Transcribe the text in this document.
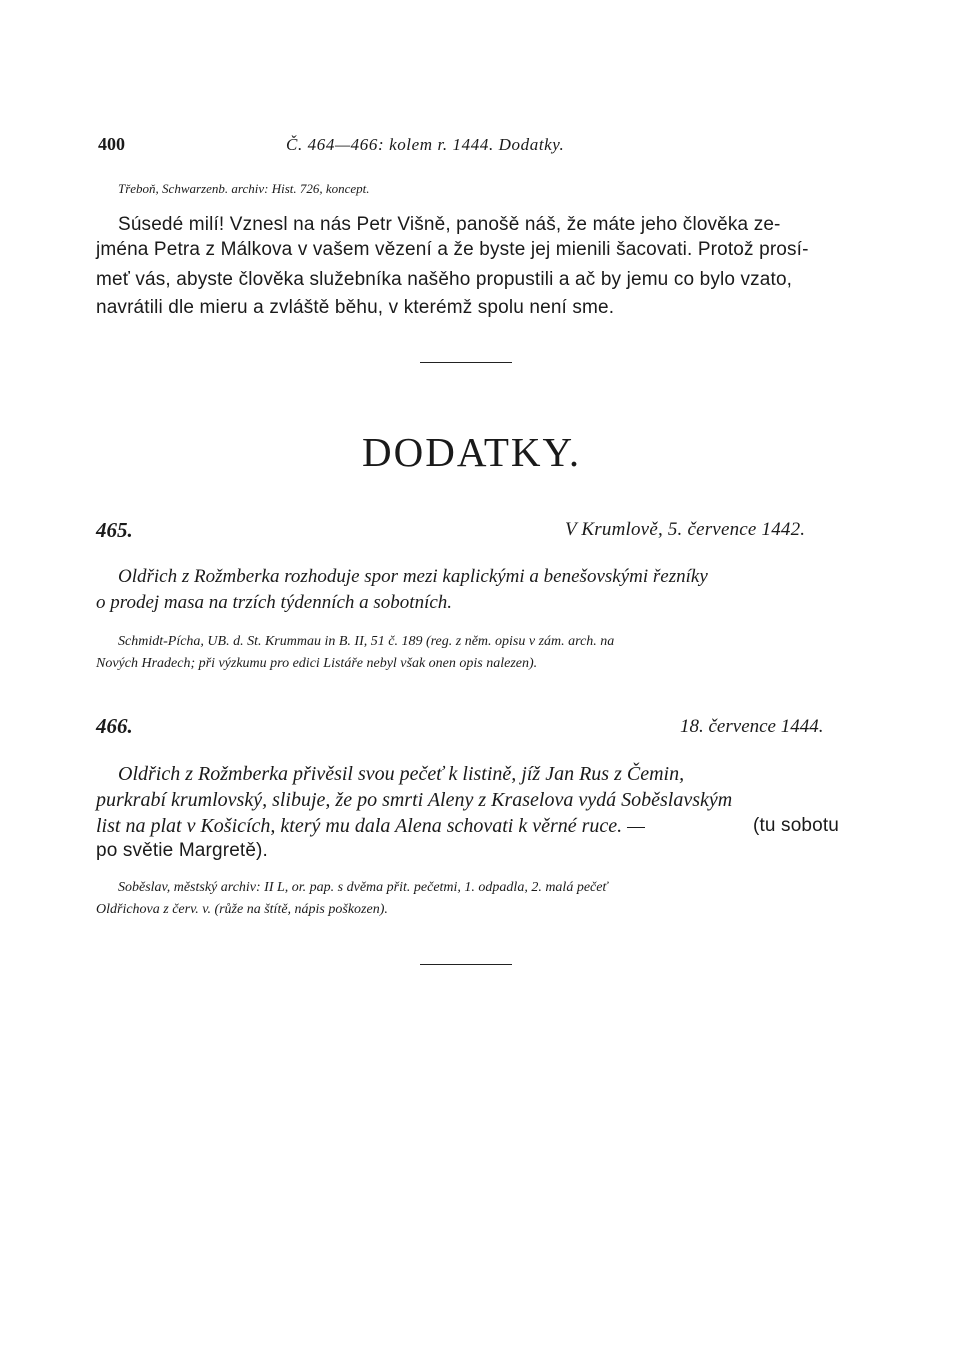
400	Č. 464—466: kolem r. 1444. Dodatky.
Třeboň, Schwarzenb. archiv: Hist. 726, koncept.
Súsedé milí! Vznesl na nás Petr Višně, panošě náš, že máte jeho člověka ze-
jména Petra z Málkova v vašem vězení a že byste jej mienili šacovati. Protož prosí-
meť vás, abyste člověka služebníka našěho propustili a ač by jemu co bylo vzato,
navrátili dle mieru a zvláště běhu, v kterémž spolu není sme.
DODATKY.
465.	V Krumlově, 5. července 1442.
Oldřich z Rožmberka rozhoduje spor mezi kaplickými a benešovskými řezníky
o prodej masa na trzích týdenních a sobotních.
Schmidt-Pícha, UB. d. St. Krummau in B. II, 51 č. 189 (reg. z něm. opisu v zám. arch. na
Nových Hradech; při výzkumu pro edici Listáře nebyl však onen opis nalezen).
466.	18. července 1444.
Oldřich z Rožmberka přivěsil svou pečeť k listině, jíž Jan Rus z Čemin,
purkrabí krumlovský, slibuje, že po smrti Aleny z Kraselova vydá Soběslavským
list na plat v Košicích, který mu dala Alena schovati k věrné ruce. —	(tu sobotu
po světie Margretě).
Soběslav, městský archiv: II L, or. pap. s dvěma přit. pečetmi, 1. odpadla, 2. malá pečeť
Oldřichova z červ. v. (růže na štítě, nápis poškozen).
